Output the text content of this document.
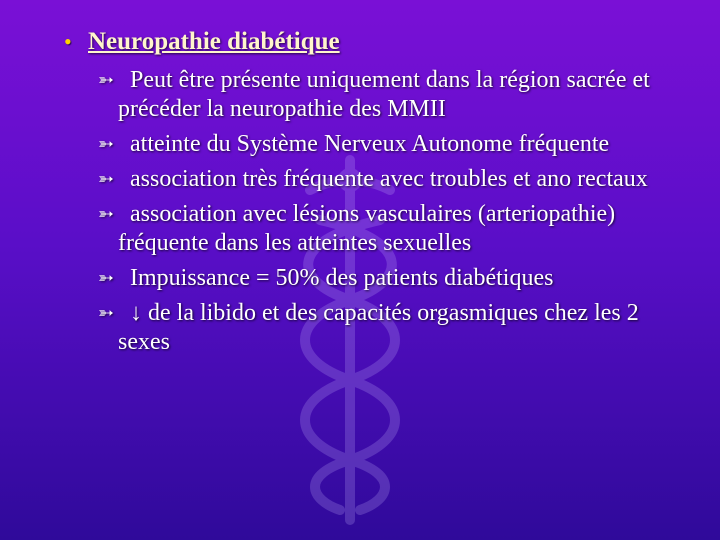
• Neuropathie diabétique
➳ Peut être présente uniquement dans la région sacrée et précéder la neuropathie des MMII
➳ atteinte du Système Nerveux Autonome fréquente
➳ association très fréquente avec troubles et ano rectaux
➳ association avec lésions vasculaires (arteriopathie) fréquente dans les atteintes sexuelles
➳ Impuissance = 50% des patients diabétiques
➳ ↓ de la libido et des capacités orgasmiques chez les 2 sexes
